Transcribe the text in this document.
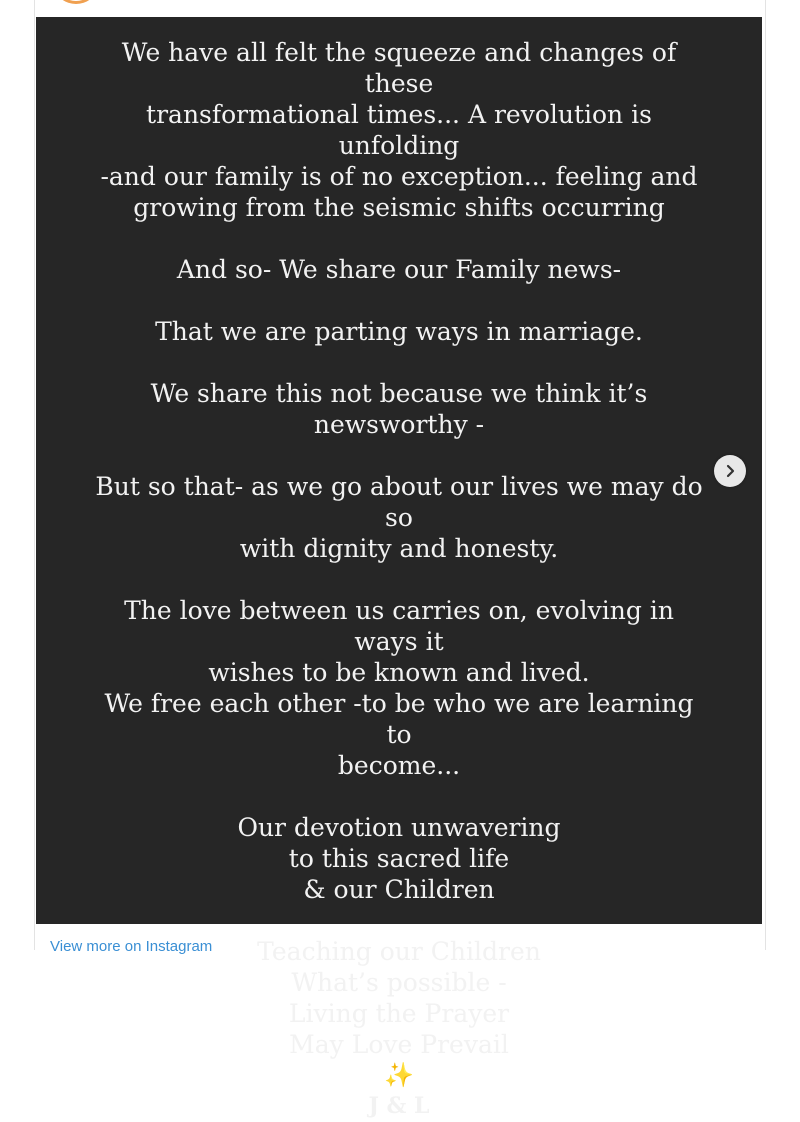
We have all felt the squeeze and changes of these
transformational times... A revolution is unfolding
-and our family is of no exception... feeling and
growing from the seismic shifts occurring

And so- We share our Family news-

That we are parting ways in marriage.

We share this not because we think it’s newsworthy -

But so that- as we go about our lives we may do so
with dignity and honesty.

The love between us carries on, evolving in ways it
wishes to be known and lived.
We free each other -to be who we are learning to
become...

Our devotion unwavering
to this sacred life
& our Children

Teaching our Children
What’s possible -
Living the Prayer
May Love Prevail

✨
J & L
View more on Instagram
